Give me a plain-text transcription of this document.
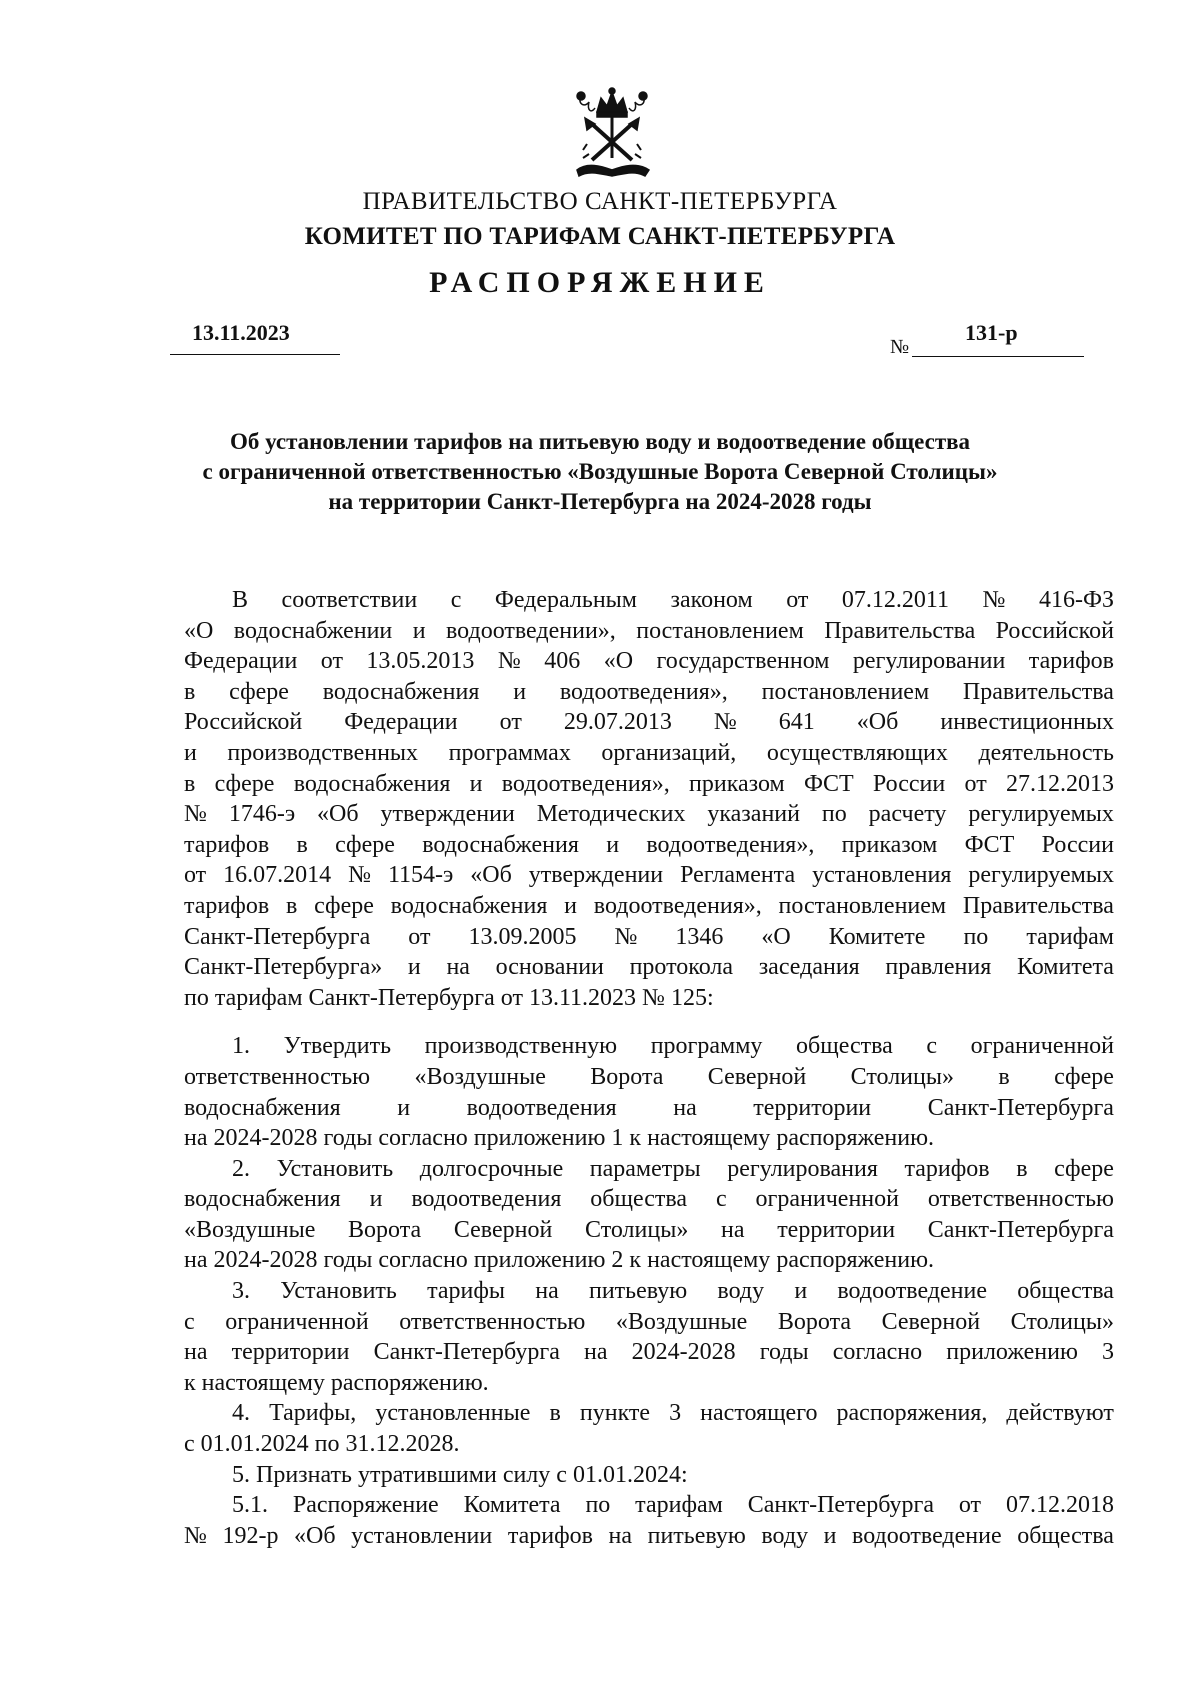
ПРАВИТЕЛЬСТВО САНКТ-ПЕТЕРБУРГА
КОМИТЕТ ПО ТАРИФАМ САНКТ-ПЕТЕРБУРГА
РАСПОРЯЖЕНИЕ
13.11.2023
№
131-р
Об установлении тарифов на питьевую воду и водоотведение общества
с ограниченной ответственностью «Воздушные Ворота Северной Столицы»
на территории Санкт-Петербурга на 2024-2028 годы
В соответствии с Федеральным законом от 07.12.2011 № 416-ФЗ
«О водоснабжении и водоотведении», постановлением Правительства Российской
Федерации от 13.05.2013 № 406 «О государственном регулировании тарифов
в сфере водоснабжения и водоотведения», постановлением Правительства
Российской Федерации от 29.07.2013 № 641 «Об инвестиционных
и производственных программах организаций, осуществляющих деятельность
в сфере водоснабжения и водоотведения», приказом ФСТ России от 27.12.2013
№ 1746-э «Об утверждении Методических указаний по расчету регулируемых
тарифов в сфере водоснабжения и водоотведения», приказом ФСТ России
от 16.07.2014 № 1154-э «Об утверждении Регламента установления регулируемых
тарифов в сфере водоснабжения и водоотведения», постановлением Правительства
Санкт-Петербурга от 13.09.2005 № 1346 «О Комитете по тарифам
Санкт-Петербурга» и на основании протокола заседания правления Комитета
по тарифам Санкт-Петербурга от 13.11.2023 № 125:
1. Утвердить производственную программу общества с ограниченной
ответственностью «Воздушные Ворота Северной Столицы» в сфере
водоснабжения и водоотведения на территории Санкт-Петербурга
на 2024-2028 годы согласно приложению 1 к настоящему распоряжению.
2. Установить долгосрочные параметры регулирования тарифов в сфере
водоснабжения и водоотведения общества с ограниченной ответственностью
«Воздушные Ворота Северной Столицы» на территории Санкт-Петербурга
на 2024-2028 годы согласно приложению 2 к настоящему распоряжению.
3. Установить тарифы на питьевую воду и водоотведение общества
с ограниченной ответственностью «Воздушные Ворота Северной Столицы»
на территории Санкт-Петербурга на 2024-2028 годы согласно приложению 3
к настоящему распоряжению.
4. Тарифы, установленные в пункте 3 настоящего распоряжения, действуют
с 01.01.2024 по 31.12.2028.
5. Признать утратившими силу с 01.01.2024:
5.1. Распоряжение Комитета по тарифам Санкт-Петербурга от 07.12.2018
№ 192-р «Об установлении тарифов на питьевую воду и водоотведение общества
